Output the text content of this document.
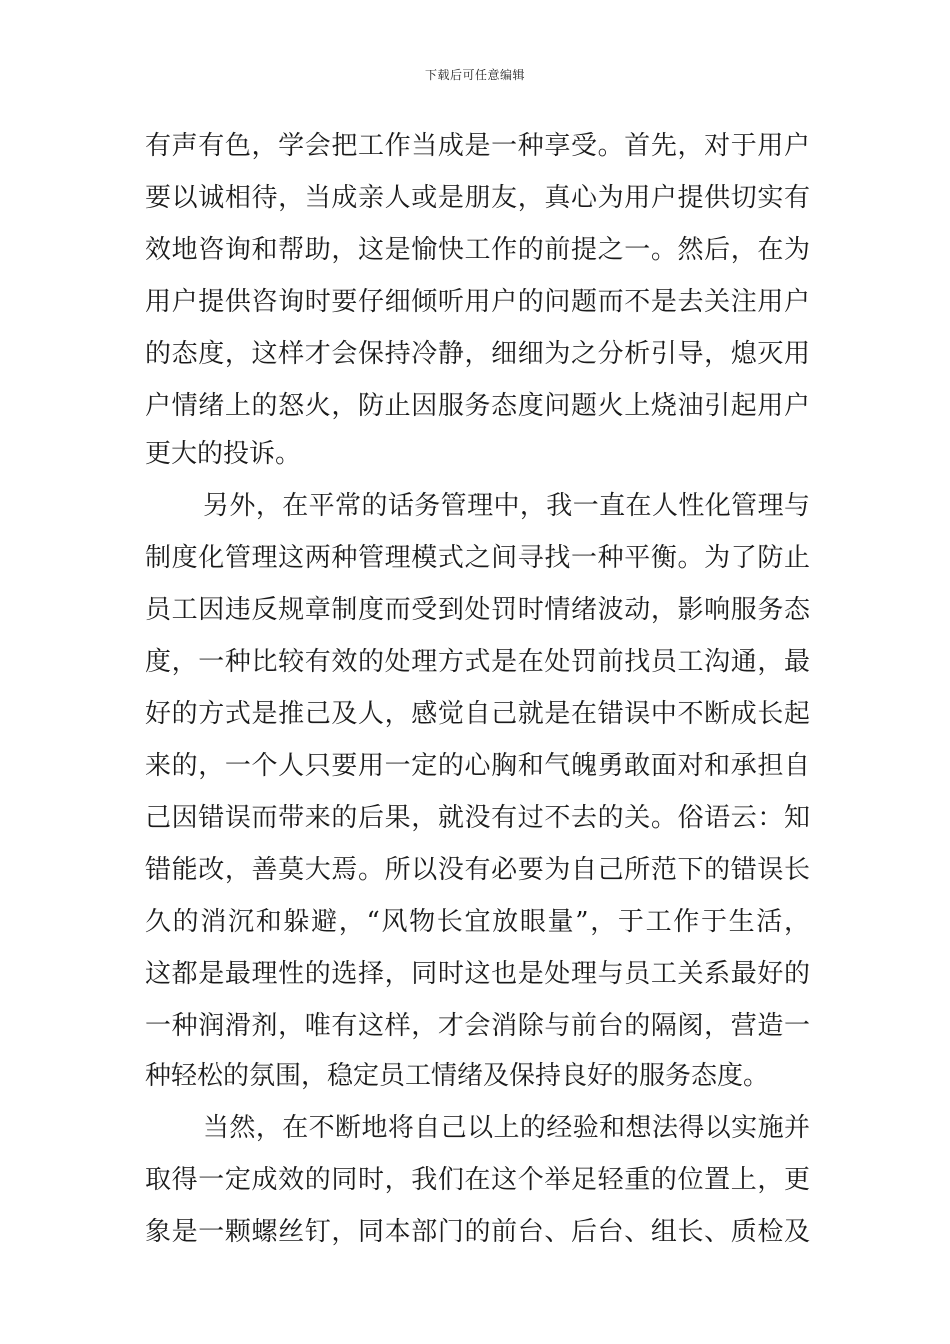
下载后可任意编辑
有声有色，学会把工作当成是一种享受。首先，对于用户
要以诚相待，当成亲人或是朋友，真心为用户提供切实有
效地咨询和帮助，这是愉快工作的前提之一。然后，在为
用户提供咨询时要仔细倾听用户的问题而不是去关注用户
的态度，这样才会保持冷静，细细为之分析引导，熄灭用
户情绪上的怒火，防止因服务态度问题火上烧油引起用户
更大的投诉。
另外，在平常的话务管理中，我一直在人性化管理与
制度化管理这两种管理模式之间寻找一种平衡。为了防止
员工因违反规章制度而受到处罚时情绪波动，影响服务态
度，一种比较有效的处理方式是在处罚前找员工沟通，最
好的方式是推己及人，感觉自己就是在错误中不断成长起
来的，一个人只要用一定的心胸和气魄勇敢面对和承担自
己因错误而带来的后果，就没有过不去的关。俗语云：知
错能改，善莫大焉。所以没有必要为自己所范下的错误长
久的消沉和躲避，“风物长宜放眼量”，于工作于生活，
这都是最理性的选择，同时这也是处理与员工关系最好的
一种润滑剂，唯有这样，才会消除与前台的隔阂，营造一
种轻松的氛围，稳定员工情绪及保持良好的服务态度。
当然，在不断地将自己以上的经验和想法得以实施并
取得一定成效的同时，我们在这个举足轻重的位置上，更
象是一颗螺丝钉，同本部门的前台、后台、组长、质检及
